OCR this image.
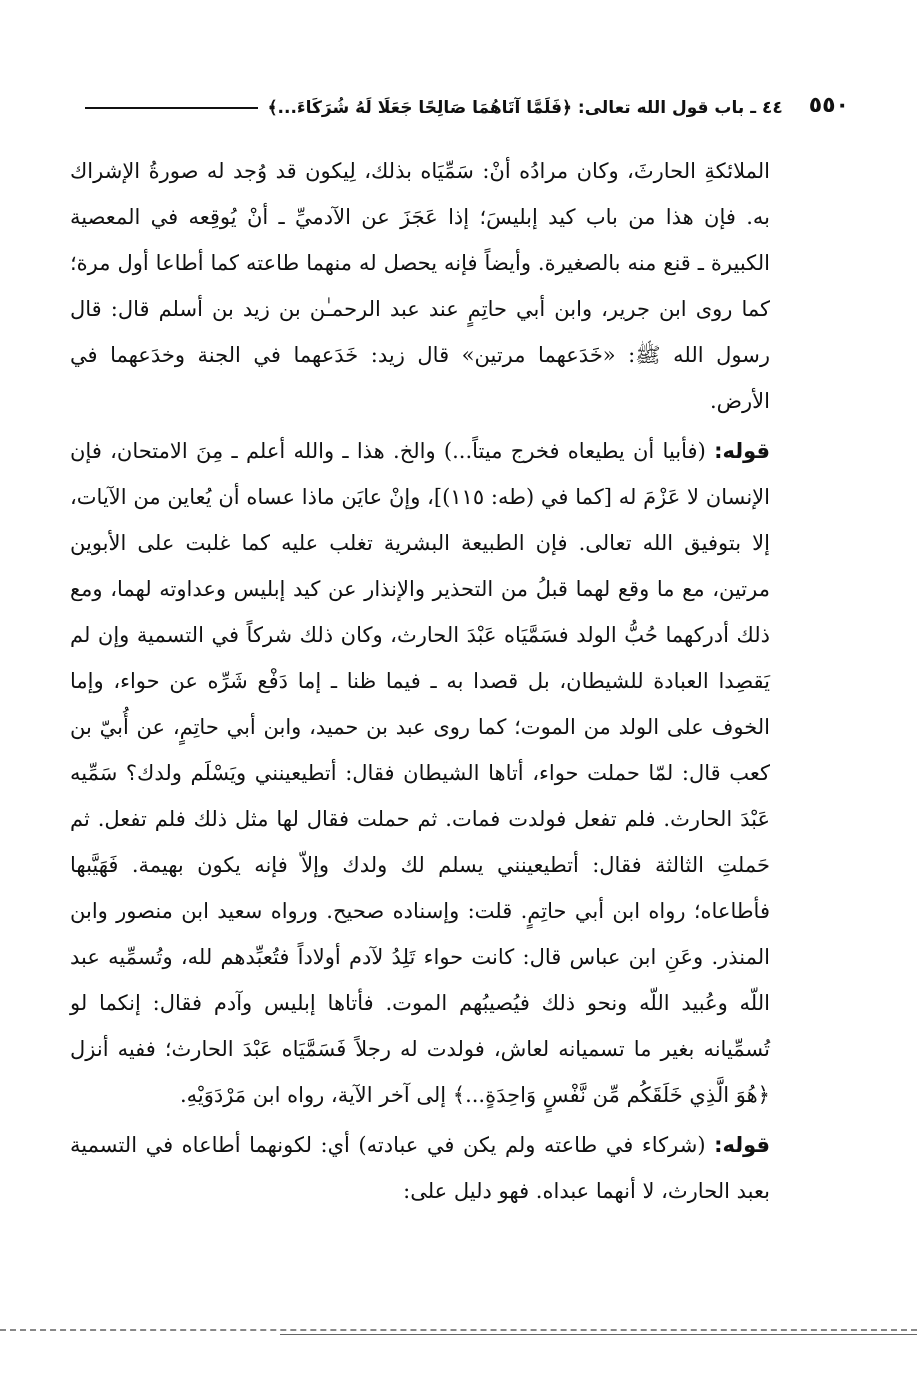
٥٥٠
٤٤ ـ باب قول الله تعالى: ﴿فَلَمَّا آتَاهُمَا صَالِحًا جَعَلَا لَهُ شُرَكَاءَ...﴾

الملائكةِ الحارثَ، وكان مرادُه أنْ: سَمِّيَاه بذلك، لِيكون قد وُجد له صورةُ الإشراك به. فإن هذا من باب كيد إبليسَ؛ إذا عَجَزَ عن الآدميِّ ـ أنْ يُوقِعه في المعصية الكبيرة ـ قنع منه بالصغيرة. وأيضاً فإنه يحصل له منهما طاعته كما أطاعا أول مرة؛ كما روى ابن جرير، وابن أبي حاتِمٍ عند عبد الرحمـٰن بن زيد بن أسلم قال: قال رسول الله ﷺ: «خَدَعهما مرتين» قال زيد: خَدَعهما في الجنة وخدَعهما في الأرض.

قوله: (فأبيا أن يطيعاه فخرج ميتاً...) والخ. هذا ـ والله أعلم ـ مِنَ الامتحان، فإن الإنسان لا عَزْمَ له [كما في (طه: ١١٥)]، وإنْ عايَن ماذا عساه أن يُعاين من الآيات، إلا بتوفيق الله تعالى. فإن الطبيعة البشرية تغلب عليه كما غلبت على الأبوين مرتين، مع ما وقع لهما قبلُ من التحذير والإنذار عن كيد إبليس وعداوته لهما، ومع ذلك أدركهما حُبُّ الولد فسَمَّيَاه عَبْدَ الحارث، وكان ذلك شركاً في التسمية وإن لم يَقصِدا العبادة للشيطان، بل قصدا به ـ فيما ظنا ـ إما دَفْع شَرِّه عن حواء، وإما الخوف على الولد من الموت؛ كما روى عبد بن حميد، وابن أبي حاتِمٍ، عن أُبيّ بن كعب قال: لمّا حملت حواء، أتاها الشيطان فقال: أتطيعينني ويَسْلَم ولدك؟ سَمِّيه عَبْدَ الحارث. فلم تفعل فولدت فمات. ثم حملت فقال لها مثل ذلك فلم تفعل. ثم حَملتِ الثالثة فقال: أتطيعينني يسلم لك ولدك وإلاّ فإنه يكون بهيمة. فَهَيَّبها فأطاعاه؛ رواه ابن أبي حاتِمٍ. قلت: وإسناده صحيح. ورواه سعيد ابن منصور وابن المنذر. وعَنِ ابن عباس قال: كانت حواء تَلِدُ لآدم أولاداً فتُعبِّدهم لله، وتُسمِّيه عبد اللّه وعُبيد اللّه ونحو ذلك فيُصيبُهم الموت. فأتاها إبليس وآدم فقال: إنكما لو تُسمِّيانه بغير ما تسميانه لعاش، فولدت له رجلاً فَسَمَّيَاه عَبْدَ الحارث؛ ففيه أنزل ﴿هُوَ الَّذِي خَلَقَكُم مِّن نَّفْسٍ وَاحِدَةٍ...﴾ إلى آخر الآية، رواه ابن مَرْدَوَيْهِ.

قوله: (شركاء في طاعته ولم يكن في عبادته) أي: لكونهما أطاعاه في التسمية بعبد الحارث، لا أنهما عبداه. فهو دليل على:
